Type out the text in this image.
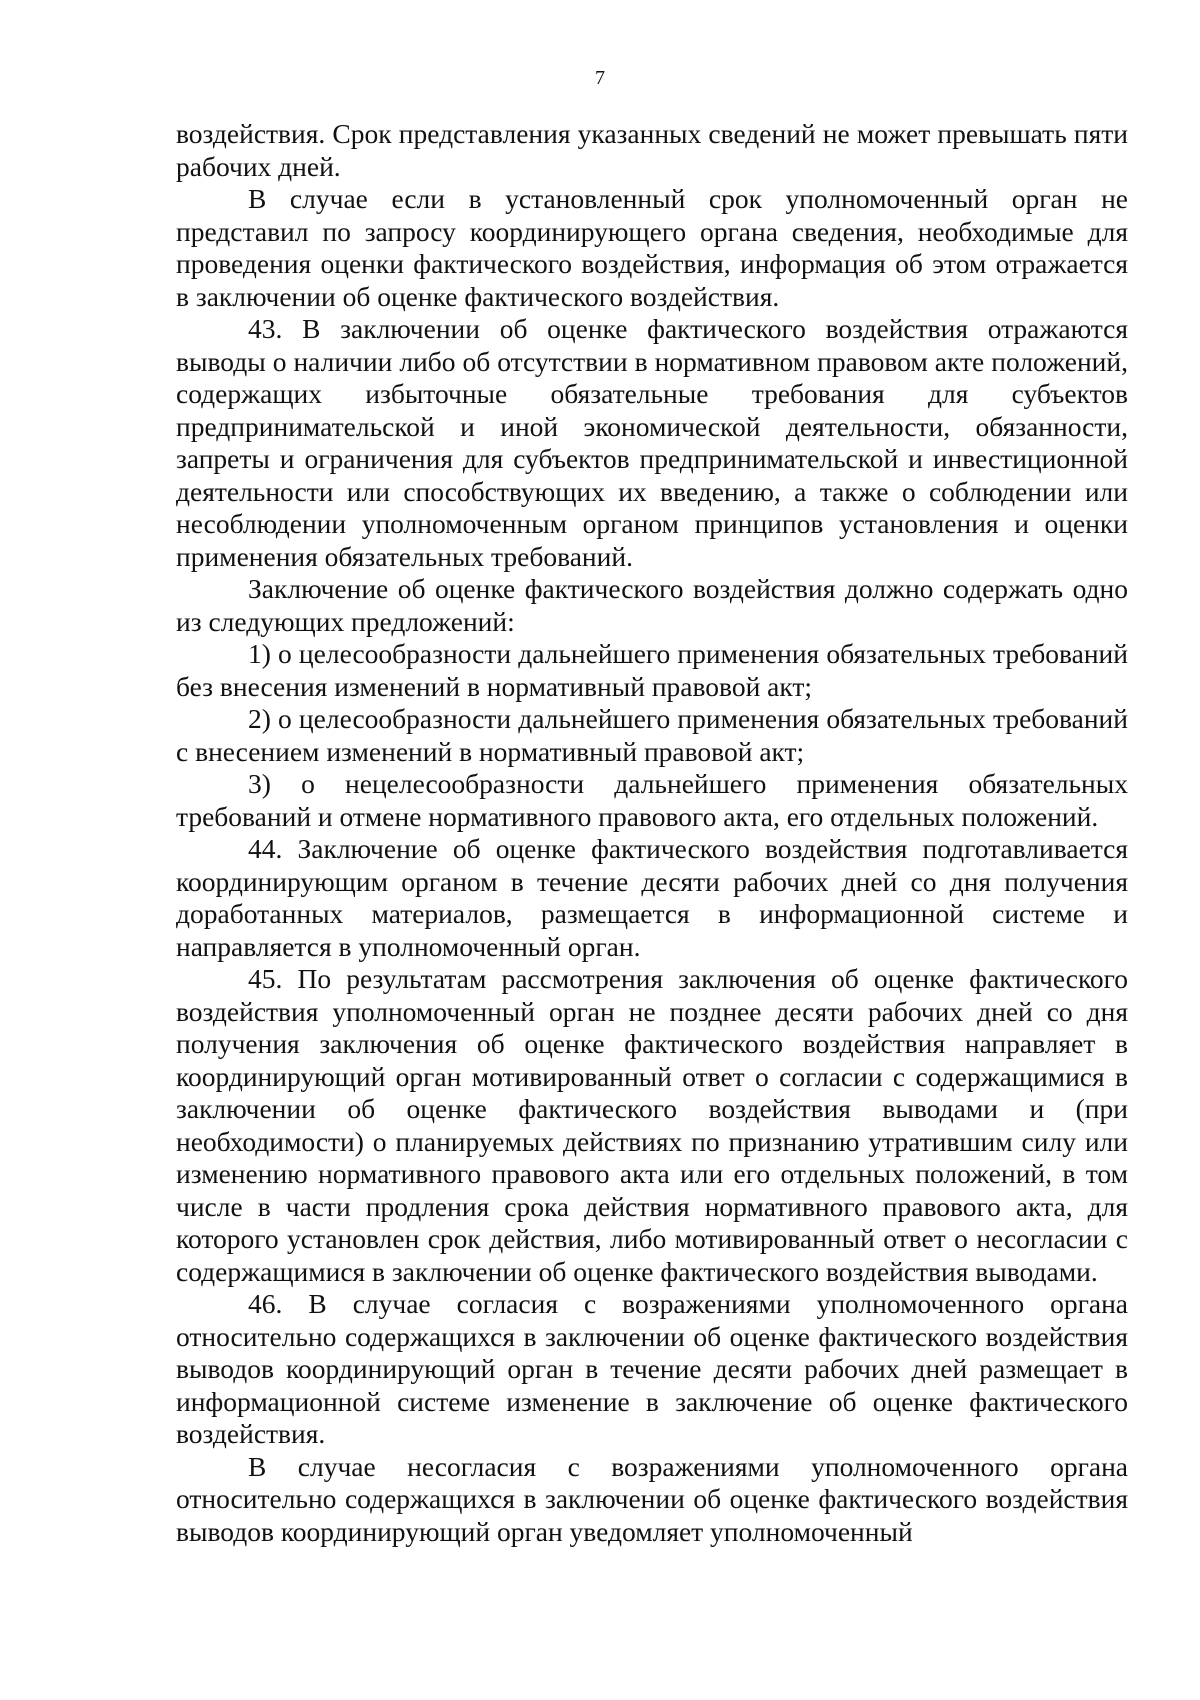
7

воздействия. Срок представления указанных сведений не может превышать пяти рабочих дней.

В случае если в установленный срок уполномоченный орган не представил по запросу координирующего органа сведения, необходимые для проведения оценки фактического воздействия, информация об этом отражается в заключении об оценке фактического воздействия.

43. В заключении об оценке фактического воздействия отражаются выводы о наличии либо об отсутствии в нормативном правовом акте положений, содержащих избыточные обязательные требования для субъектов предпринимательской и иной экономической деятельности, обязанности, запреты и ограничения для субъектов предпринимательской и инвестиционной деятельности или способствующих их введению, а также о соблюдении или несоблюдении уполномоченным органом принципов установления и оценки применения обязательных требований.

Заключение об оценке фактического воздействия должно содержать одно из следующих предложений:

1) о целесообразности дальнейшего применения обязательных требований без внесения изменений в нормативный правовой акт;

2) о целесообразности дальнейшего применения обязательных требований с внесением изменений в нормативный правовой акт;

3) о нецелесообразности дальнейшего применения обязательных требований и отмене нормативного правового акта, его отдельных положений.

44. Заключение об оценке фактического воздействия подготавливается координирующим органом в течение десяти рабочих дней со дня получения доработанных материалов, размещается в информационной системе и направляется в уполномоченный орган.

45. По результатам рассмотрения заключения об оценке фактического воздействия уполномоченный орган не позднее десяти рабочих дней со дня получения заключения об оценке фактического воздействия направляет в координирующий орган мотивированный ответ о согласии с содержащимися в заключении об оценке фактического воздействия выводами и (при необходимости) о планируемых действиях по признанию утратившим силу или изменению нормативного правового акта или его отдельных положений, в том числе в части продления срока действия нормативного правового акта, для которого установлен срок действия, либо мотивированный ответ о несогласии с содержащимися в заключении об оценке фактического воздействия выводами.

46. В случае согласия с возражениями уполномоченного органа относительно содержащихся в заключении об оценке фактического воздействия выводов координирующий орган в течение десяти рабочих дней размещает в информационной системе изменение в заключение об оценке фактического воздействия.

В случае несогласия с возражениями уполномоченного органа относительно содержащихся в заключении об оценке фактического воздействия выводов координирующий орган уведомляет уполномоченный
